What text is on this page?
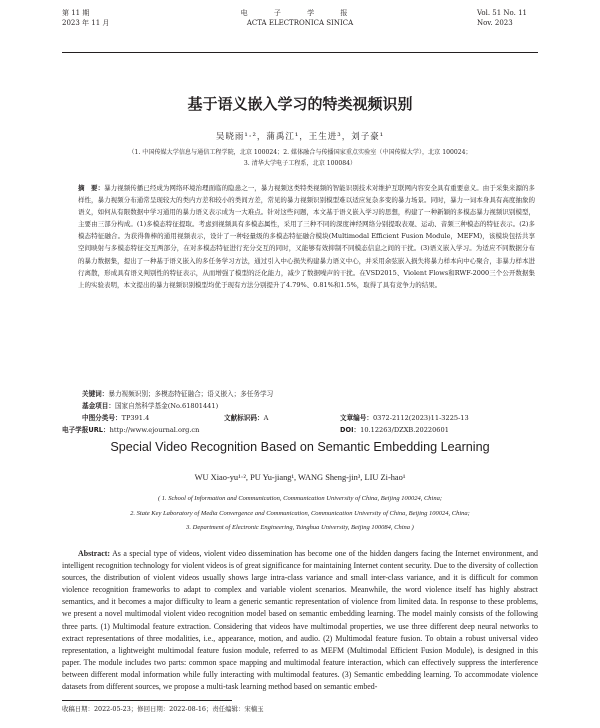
第 11 期
2023 年 11 月
电 子 学 报
ACTA ELECTRONICA SINICA
Vol. 51 No. 11
Nov. 2023
基于语义嵌入学习的特类视频识别
吴晓雨¹·²，蒲禹江¹，王生进³，刘子豪¹
（1. 中国传媒大学信息与通信工程学院，北京 100024；2. 媒体融合与传播国家重点实验室（中国传媒大学），北京 100024；
3. 清华大学电子工程系，北京 100084）
摘　要：暴力视频传播已经成为网络环境治理面临的隐患之一，暴力视频这类特类视频的智能识别技术对维护互联网内容安全具有重要意义。由于采集来源的多样性，暴力视频分布通常呈现较大的类内方差和较小的类间方差，常见的暴力视频识别模型难以适应复杂多变的暴力场景。同时，暴力一词本身具有高度抽象的语义，如何从有限数据中学习通用的暴力语义表示成为一大难点。针对这些问题，本文基于语义嵌入学习的思想，构建了一种新颖的多模态暴力视频识别模型，主要由三部分构成。(1)多模态特征提取。考虑到视频具有多模态属性，采用了三种不同的深度神经网络分别提取表观、运动、音频三种模态的特征表示。(2)多模态特征融合。为获得鲁棒的通用视频表示，设计了一种轻量级的多模态特征融合模块(Multimodal Efficient Fusion Module，MEFM)，该模块包括共享空间映射与多模态特征交互两部分，在对多模态特征进行充分交互的同时，又能够有效抑制不同模态信息之间的干扰。(3)语义嵌入学习。为适应不同数据分布的暴力数据集，提出了一种基于语义嵌入的多任务学习方法，通过引入中心损失构建暴力语义中心，并采用余弦嵌入损失将暴力样本向中心聚合，非暴力样本进行离散，形成具有语义判别性的特征表示，从而增强了模型的泛化能力，减少了数据噪声的干扰。在VSD2015、Violent Flows和RWF-2000三个公开数据集上的实验表明，本文提出的暴力视频识别模型均优于现有方法分别提升了4.79%、0.81%和1.5%，取得了具有竞争力的结果。
关键词：暴力视频识别；多模态特征融合；语义嵌入；多任务学习
基金项目：国家自然科学基金(No.61801441)
中图分类号：TP391.4	文献标识码：A	文章编号：0372-2112(2023)11-3225-13
电子学报URL：http://www.ejournal.org.cn	DOI：10.12263/DZXB.20220601
Special Video Recognition Based on Semantic Embedding Learning
WU Xiao-yu¹·², PU Yu-jiang¹, WANG Sheng-jin³, LIU Zi-hao¹
( 1. School of Information and Communication, Communication University of China, Beijing 100024, China;
2. State Key Laboratory of Media Convergence and Communication, Communication University of China, Beijing 100024, China;
3. Department of Electronic Engineering, Tsinghua University, Beijing 100084, China )
Abstract: As a special type of videos, violent video dissemination has become one of the hidden dangers facing the Internet environment, and intelligent recognition technology for violent videos is of great significance for maintaining Internet content security. Due to the diversity of collection sources, the distribution of violent videos usually shows large intra-class variance and small inter-class variance, and it is difficult for common violence recognition frameworks to adapt to complex and variable violent scenarios. Meanwhile, the word violence itself has highly abstract semantics, and it becomes a major difficulty to learn a generic semantic representation of violence from limited data. In response to these problems, we present a novel multimodal violent video recognition model based on semantic embedding learning. The model mainly consists of the following three parts. (1) Multimodal feature extraction. Considering that videos have multimodal properties, we use three different deep neural networks to extract representations of three modalities, i.e., appearance, motion, and audio. (2) Multimodal feature fusion. To obtain a robust universal video representation, a lightweight multimodal feature fusion module, referred to as MEFM (Multimodal Efficient Fusion Module), is designed in this paper. The module includes two parts: common space mapping and multimodal feature interaction, which can effectively suppress the interference between different modal information while fully interacting with multimodal features. (3) Semantic embedding learning. To accommodate violence datasets from different sources, we propose a multi-task learning method based on semantic embed-
收稿日期：2022-05-23；修回日期：2022-08-16；责任编辑：宋楠玉
